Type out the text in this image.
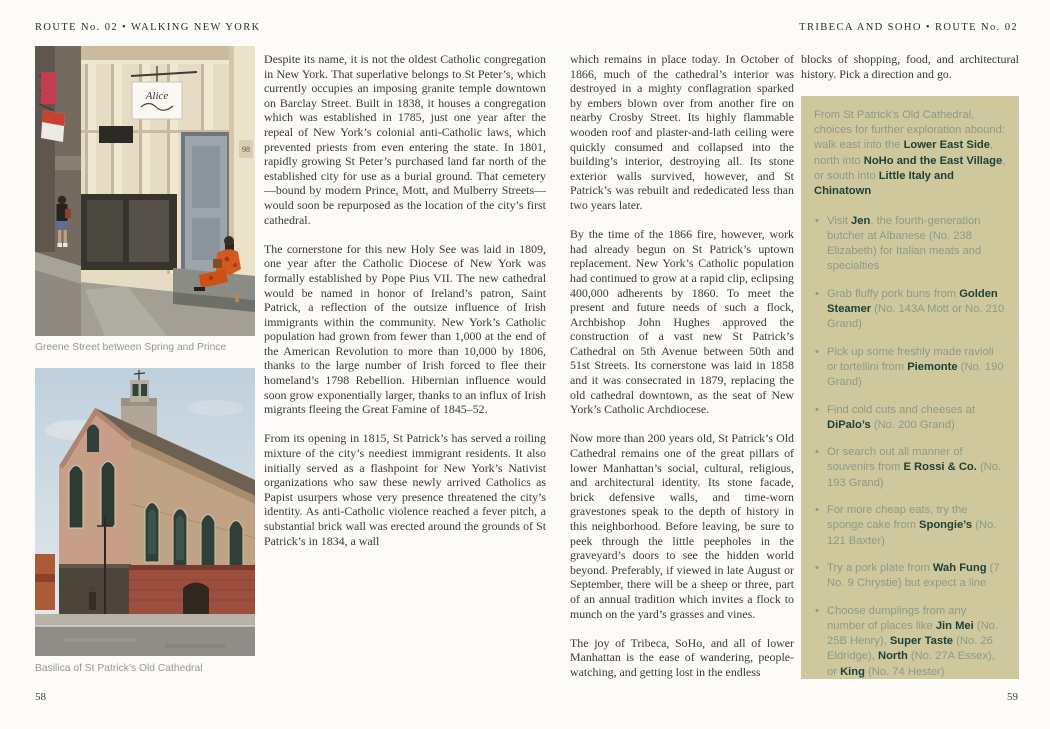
ROUTE No. 02 • WALKING NEW YORK	TRIBECA AND SOHO • ROUTE No. 02
Alice
98
Greene Street between Spring and Prince
Basilica of St Patrick’s Old Cathedral

Despite its name, it is not the oldest Catholic congregation in New York. That superlative belongs to St Peter’s, which currently occupies an imposing granite temple downtown on Barclay Street. Built in 1838, it houses a congregation which was established in 1785, just one year after the repeal of New York’s colonial anti-Catholic laws, which prevented priests from even entering the state. In 1801, rapidly growing St Peter’s purchased land far north of the established city for use as a burial ground. That cemetery—bound by modern Prince, Mott, and Mulberry Streets—would soon be repurposed as the location of the city’s first cathedral.

The cornerstone for this new Holy See was laid in 1809, one year after the Catholic Diocese of New York was formally established by Pope Pius VII. The new cathedral would be named in honor of Ireland’s patron, Saint Patrick, a reflection of the outsize influence of Irish immigrants within the community. New York’s Catholic population had grown from fewer than 1,000 at the end of the American Revolution to more than 10,000 by 1806, thanks to the large number of Irish forced to flee their homeland’s 1798 Rebellion. Hibernian influence would soon grow exponentially larger, thanks to an influx of Irish migrants fleeing the Great Famine of 1845–52.

From its opening in 1815, St Patrick’s has served a roiling mixture of the city’s neediest immigrant residents. It also initially served as a flashpoint for New York’s Nativist organizations who saw these newly arrived Catholics as Papist usurpers whose very presence threatened the city’s identity. As anti-Catholic violence reached a fever pitch, a substantial brick wall was erected around the grounds of St Patrick’s in 1834, a wall

which remains in place today. In October of 1866, much of the cathedral’s interior was destroyed in a mighty conflagration sparked by embers blown over from another fire on nearby Crosby Street. Its highly flammable wooden roof and plaster-and-lath ceiling were quickly consumed and collapsed into the building’s interior, destroying all. Its stone exterior walls survived, however, and St Patrick’s was rebuilt and rededicated less than two years later.

By the time of the 1866 fire, however, work had already begun on St Patrick’s uptown replacement. New York’s Catholic population had continued to grow at a rapid clip, eclipsing 400,000 adherents by 1860. To meet the present and future needs of such a flock, Archbishop John Hughes approved the construction of a vast new St Patrick’s Cathedral on 5th Avenue between 50th and 51st Streets. Its cornerstone was laid in 1858 and it was consecrated in 1879, replacing the old cathedral downtown, as the seat of New York’s Catholic Archdiocese.

Now more than 200 years old, St Patrick’s Old Cathedral remains one of the great pillars of lower Manhattan’s social, cultural, religious, and architectural identity. Its stone facade, brick defensive walls, and time-worn gravestones speak to the depth of history in this neighborhood. Before leaving, be sure to peek through the little peepholes in the graveyard’s doors to see the hidden world beyond. Preferably, if viewed in late August or September, there will be a sheep or three, part of an annual tradition which invites a flock to munch on the yard’s grasses and vines.

The joy of Tribeca, SoHo, and all of lower Manhattan is the ease of wandering, people-watching, and getting lost in the endless

blocks of shopping, food, and architectural history. Pick a direction and go.

From St Patrick’s Old Cathedral, choices for further exploration abound: walk east into the Lower East Side, north into NoHo and the East Village, or south into Little Italy and Chinatown

• Visit Jen, the fourth-generation butcher at Albanese (No. 238 Elizabeth) for Italian meats and specialties
• Grab fluffy pork buns from Golden Steamer (No. 143A Mott or No. 210 Grand)
• Pick up some freshly made ravioli or tortellini from Piemonte (No. 190 Grand)
• Find cold cuts and cheeses at DiPalo’s (No. 200 Grand)
• Or search out all manner of souvenirs from E Rossi & Co. (No. 193 Grand)
• For more cheap eats, try the sponge cake from Spongie’s (No. 121 Baxter)
• Try a pork plate from Wah Fung (7 No. 9 Chrystie) but expect a line
• Choose dumplings from any number of places like Jin Mei (No. 25B Henry), Super Taste (No. 26 Eldridge), North (No. 27A Essex), or King (No. 74 Hester)
58	59
